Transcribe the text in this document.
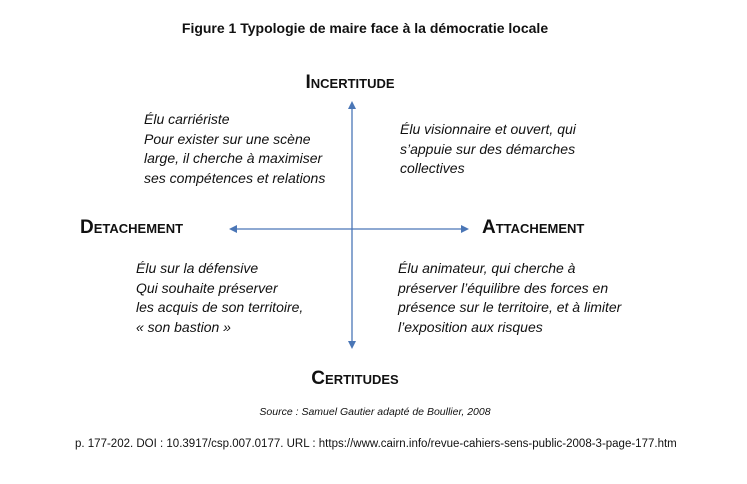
Figure 1 Typologie de maire face à la démocratie locale
Incertitude
Certitudes
Detachement	Attachement
Élu carriériste
Pour exister sur une scène
large, il cherche à maximiser
ses compétences et relations
Élu visionnaire et ouvert, qui
s’appuie sur des démarches
collectives
Élu sur la défensive
Qui souhaite préserver
les acquis de son territoire,
« son bastion »
Élu animateur, qui cherche à
préserver l’équilibre des forces en
présence sur le territoire, et à limiter
l’exposition aux risques
Source : Samuel Gautier adapté de Boullier, 2008
p. 177-202. DOI : 10.3917/csp.007.0177. URL : https://www.cairn.info/revue-cahiers-sens-public-2008-3-page-177.htm
